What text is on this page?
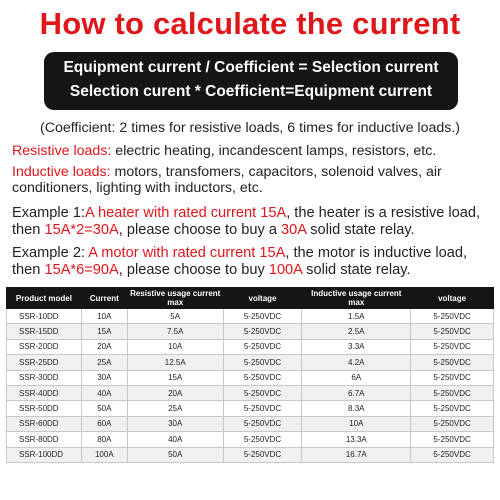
How to calculate the current
Equipment current / Coefficient = Selection current
Selection curent * Coefficient=Equipment current
(Coefficient: 2 times for resistive loads, 6 times for inductive loads.)
Resistive loads: electric heating, incandescent lamps, resistors, etc.
Inductive loads: motors, transfomers, capacitors, solenoid valves, air conditioners, lighting with inductors, etc.
Example 1:A heater with rated current 15A, the heater is a resistive load, then 15A*2=30A, please choose to buy a 30A solid state relay.
Example 2: A motor with rated current 15A, the motor is inductive load, then 15A*6=90A, please choose to buy 100A solid state relay.
Product model	Current	Resistive usage current max	voltage	Inductive usage current max	voltage
SSR-10DD	10A	5A	5-250VDC	1.5A	5-250VDC
SSR-15DD	15A	7.5A	5-250VDC	2.5A	5-250VDC
SSR-20DD	20A	10A	5-250VDC	3.3A	5-250VDC
SSR-25DD	25A	12.5A	5-250VDC	4.2A	5-250VDC
SSR-30DD	30A	15A	5-250VDC	6A	5-250VDC
SSR-40DD	40A	20A	5-250VDC	6.7A	5-250VDC
SSR-50DD	50A	25A	5-250VDC	8.3A	5-250VDC
SSR-60DD	60A	30A	5-250VDC	10A	5-250VDC
SSR-80DD	80A	40A	5-250VDC	13.3A	5-250VDC
SSR-100DD	100A	50A	5-250VDC	16.7A	5-250VDC
